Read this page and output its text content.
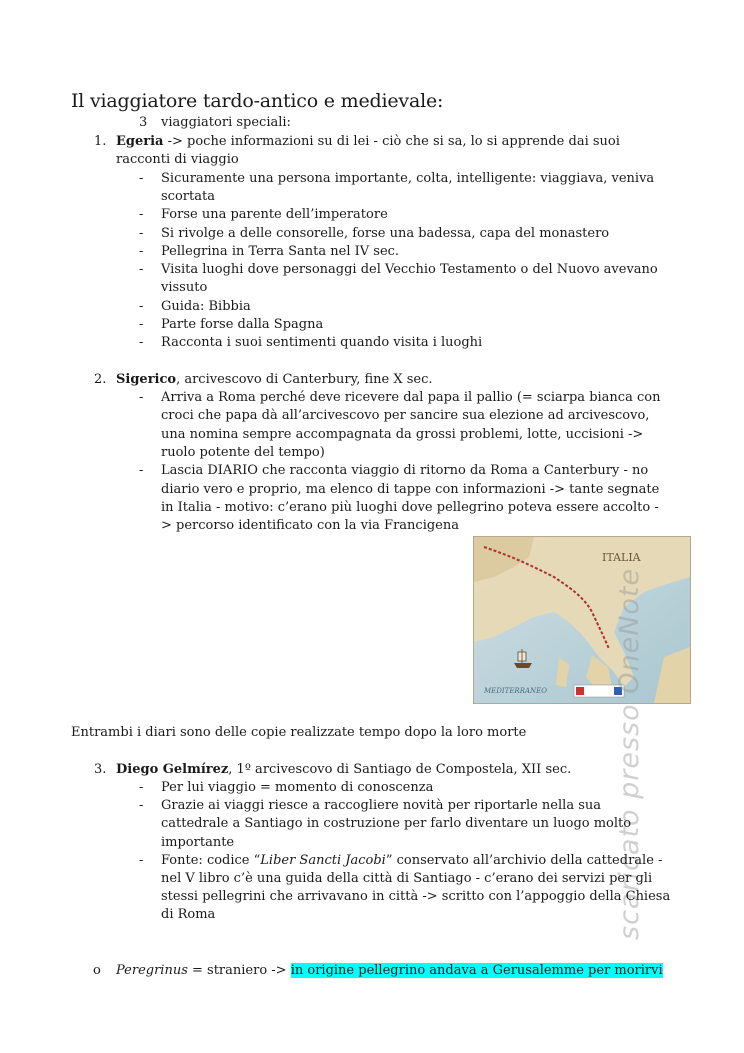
Il viaggiatore tardo-antico e medievale:
3 viaggiatori speciali:
1. Egeria -> poche informazioni su di lei - ciò che si sa, lo si apprende dai suoi
racconti di viaggio
- Sicuramente una persona importante, colta, intelligente: viaggiava, veniva
scortata
- Forse una parente dell’imperatore
- Si rivolge a delle consorelle, forse una badessa, capa del monastero
- Pellegrina in Terra Santa nel IV sec.
- Visita luoghi dove personaggi del Vecchio Testamento o del Nuovo avevano
vissuto
- Guida: Bibbia
- Parte forse dalla Spagna
- Racconta i suoi sentimenti quando visita i luoghi
2. Sigerico, arcivescovo di Canterbury, fine X sec.
- Arriva a Roma perché deve ricevere dal papa il pallio (= sciarpa bianca con
croci che papa dà all’arcivescovo per sancire sua elezione ad arcivescovo,
una nomina sempre accompagnata da grossi problemi, lotte, uccisioni ->
ruolo potente del tempo)
- Lascia DIARIO che racconta viaggio di ritorno da Roma a Canterbury - no
diario vero e proprio, ma elenco di tappe con informazioni -> tante segnate
in Italia - motivo: c’erano più luoghi dove pellegrino poteva essere accolto -
> percorso identificato con la via Francigena
ITALIA
MEDITERRANEO	scaricato presso OneNote
Entrambi i diari sono delle copie realizzate tempo dopo la loro morte
3. Diego Gelmírez, 1º arcivescovo di Santiago de Compostela, XII sec.
- Per lui viaggio = momento di conoscenza
- Grazie ai viaggi riesce a raccogliere novità per riportarle nella sua
cattedrale a Santiago in costruzione per farlo diventare un luogo molto
importante
- Fonte: codice “Liber Sancti Jacobi” conservato all’archivio della cattedrale -
nel V libro c’è una guida della città di Santiago - c’erano dei servizi per gli
stessi pellegrini che arrivavano in città -> scritto con l’appoggio della Chiesa
di Roma
o Peregrinus = straniero -> in origine pellegrino andava a Gerusalemme per morirvi
